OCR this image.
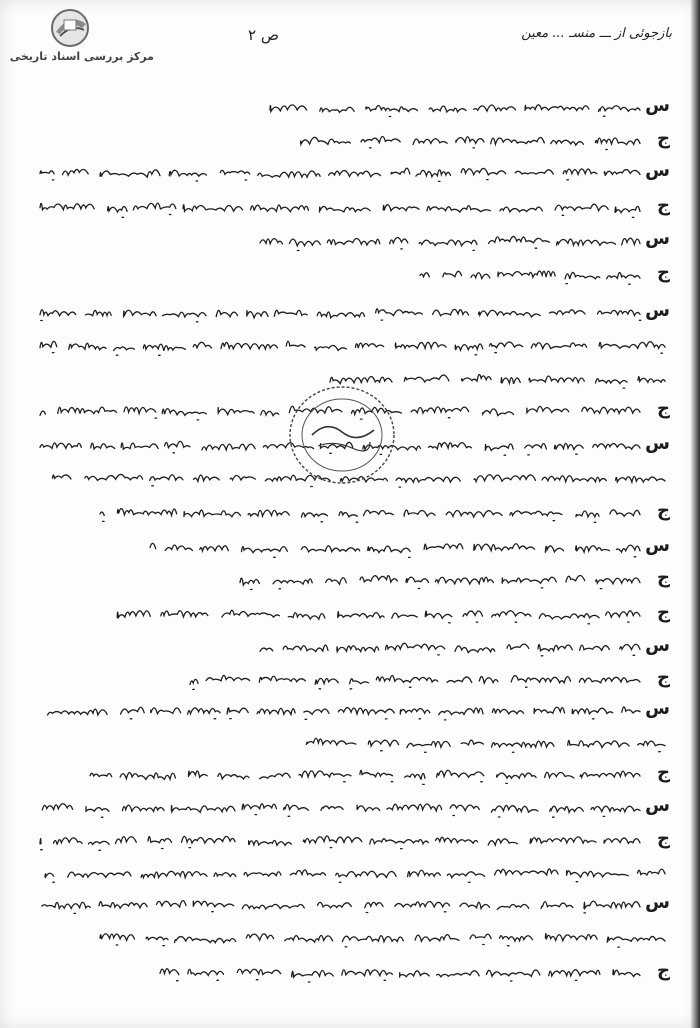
مرکز بررسی اسناد تاریخی
بازجوئی از ـــ منسـ ... معین
ص ۲
س
ج
س
ج
س
ج
س
ج
س
ج
س
ج
ج
س
ج
س
ج
س
ج
س
ج
